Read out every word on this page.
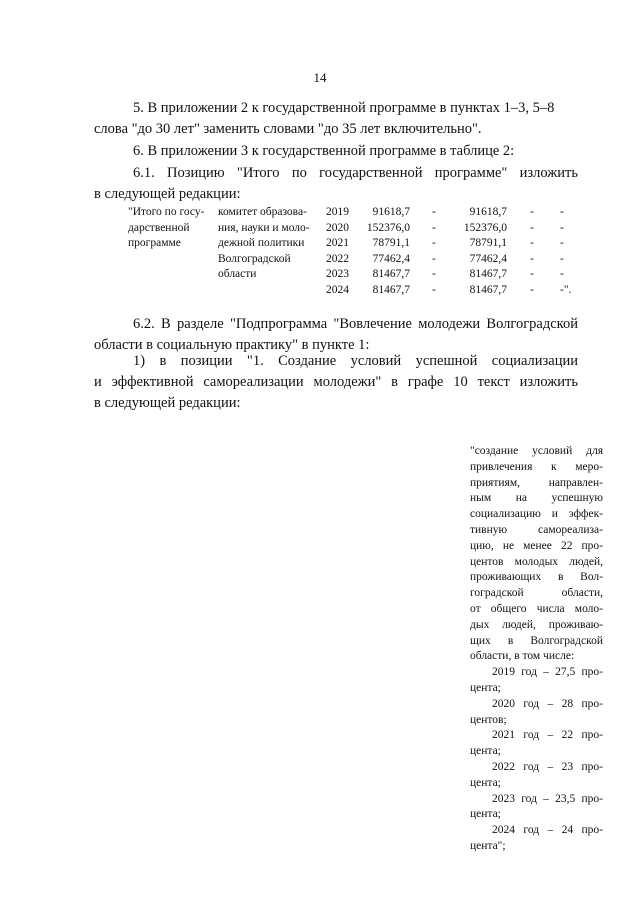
14
5. В приложении 2 к государственной программе в пунктах 1–3, 5–8
слова "до 30 лет" заменить словами "до 35 лет включительно".
6. В приложении 3 к государственной программе в таблице 2:
6.1. Позицию "Итого по государственной программе" изложить
в следующей редакции:
"Итого по госу-
дарственной
программе
комитет образова-
ния, науки и моло-
дежной политики
Волгоградской
области
2019
2020
2021
2022
2023
2024
91618,7
152376,0
78791,1
77462,4
81467,7
81467,7
-
-
-
-
-
-
91618,7
152376,0
78791,1
77462,4
81467,7
81467,7
-
-
-
-
-
-
-
-
-
-
-
-".
6.2. В разделе "Подпрограмма "Вовлечение молодежи Волгоградской
области в социальную практику" в пункте 1:
1) в позиции "1. Создание условий успешной социализации
и эффективной самореализации молодежи" в графе 10 текст изложить
в следующей редакции:
"создание условий для
привлечения к меро-
приятиям, направлен-
ным на успешную
социализацию и эффек-
тивную самореализа-
цию, не менее 22 про-
центов молодых людей,
проживающих в Вол-
гоградской области,
от общего числа моло-
дых людей, проживаю-
щих в Волгоградской
области, в том числе:
2019 год – 27,5 про-
цента;
2020 год – 28 про-
центов;
2021 год – 22 про-
цента;
2022 год – 23 про-
цента;
2023 год – 23,5 про-
цента;
2024 год – 24 про-
цента";
